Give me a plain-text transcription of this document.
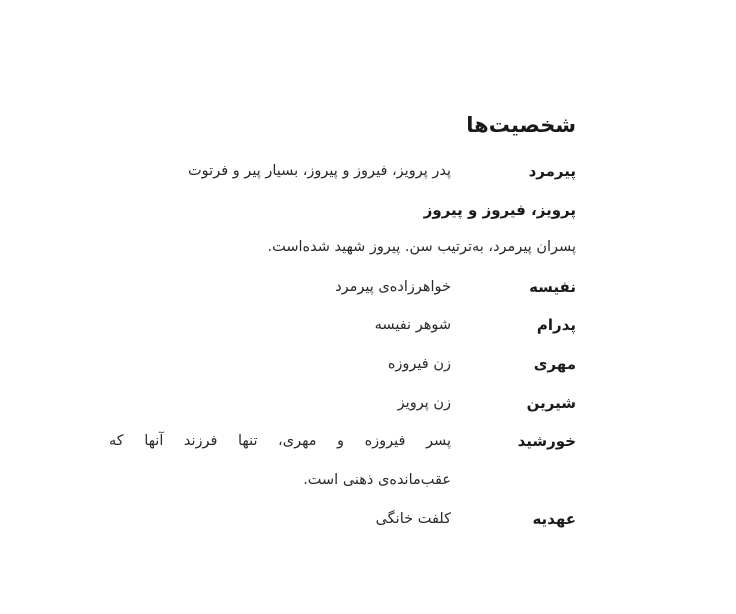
شخصیت‌ها
پیرمرد
پدر پرویز، فیروز و پیروز، بسیار پیر و فرتوت
پرویز، فیروز و پیروز
پسران پیرمرد، به‌ترتیب سن. پیروز شهید شده‌است.
نفیسه
خواهرزاده‌ی پیرمرد
پدرام
شوهر نفیسه
مهری
زن فیروزه
شیرین
زن پرویز
خورشید
پسر فیروزه و مهری، تنها فرزند آنها که
عقب‌مانده‌ی ذهنی است.
عهدیه
کلفت خانگی
